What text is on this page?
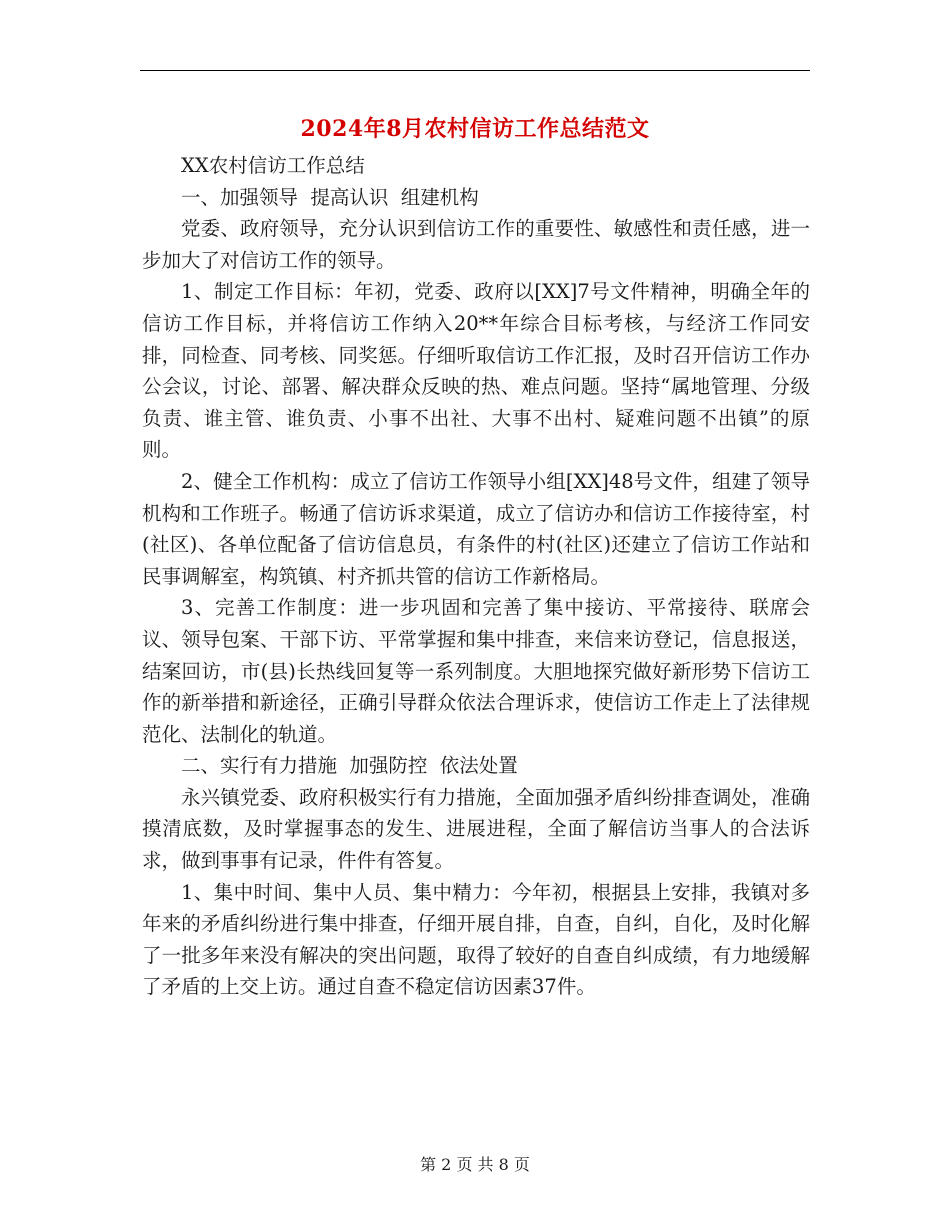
2024年8月农村信访工作总结范文

XX农村信访工作总结

一、加强领导  提高认识  组建机构

党委、政府领导，充分认识到信访工作的重要性、敏感性和责任感，进一步加大了对信访工作的领导。

1、制定工作目标：年初，党委、政府以[XX]7号文件精神，明确全年的信访工作目标，并将信访工作纳入20**年综合目标考核，与经济工作同安排，同检查、同考核、同奖惩。仔细听取信访工作汇报，及时召开信访工作办公会议，讨论、部署、解决群众反映的热、难点问题。坚持“属地管理、分级负责、谁主管、谁负责、小事不出社、大事不出村、疑难问题不出镇”的原则。

2、健全工作机构：成立了信访工作领导小组[XX]48号文件，组建了领导机构和工作班子。畅通了信访诉求渠道，成立了信访办和信访工作接待室，村(社区)、各单位配备了信访信息员，有条件的村(社区)还建立了信访工作站和民事调解室，构筑镇、村齐抓共管的信访工作新格局。

3、完善工作制度：进一步巩固和完善了集中接访、平常接待、联席会议、领导包案、干部下访、平常掌握和集中排查，来信来访登记，信息报送，结案回访，市(县)长热线回复等一系列制度。大胆地探究做好新形势下信访工作的新举措和新途径，正确引导群众依法合理诉求，使信访工作走上了法律规范化、法制化的轨道。

二、实行有力措施  加强防控  依法处置

永兴镇党委、政府积极实行有力措施，全面加强矛盾纠纷排查调处，准确摸清底数，及时掌握事态的发生、进展进程，全面了解信访当事人的合法诉求，做到事事有记录，件件有答复。

1、集中时间、集中人员、集中精力：今年初，根据县上安排，我镇对多年来的矛盾纠纷进行集中排查，仔细开展自排，自查，自纠，自化，及时化解了一批多年来没有解决的突出问题，取得了较好的自查自纠成绩，有力地缓解了矛盾的上交上访。通过自查不稳定信访因素37件。

第 2 页 共 8 页
